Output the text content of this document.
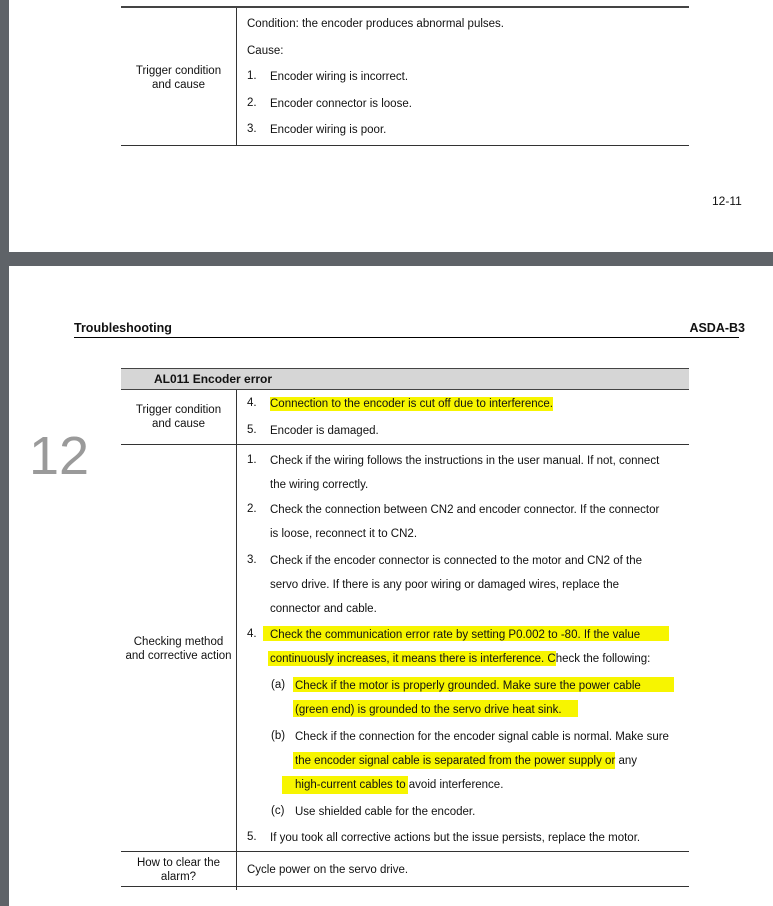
Trigger condition
and cause
Condition: the encoder produces abnormal pulses.
Cause:
1. Encoder wiring is incorrect.
2. Encoder connector is loose.
3. Encoder wiring is poor.
12-11
Troubleshooting	ASDA-B3
12
AL011 Encoder error
Trigger condition
and cause
4. Connection to the encoder is cut off due to interference.
5. Encoder is damaged.
Checking method
and corrective action
1. Check if the wiring follows the instructions in the user manual. If not, connect
the wiring correctly.
2. Check the connection between CN2 and encoder connector. If the connector
is loose, reconnect it to CN2.
3. Check if the encoder connector is connected to the motor and CN2 of the
servo drive. If there is any poor wiring or damaged wires, replace the
connector and cable.
4. Check the communication error rate by setting P0.002 to -80. If the value
continuously increases, it means there is interference. Check the following:
(a) Check if the motor is properly grounded. Make sure the power cable
(green end) is grounded to the servo drive heat sink.
(b) Check if the connection for the encoder signal cable is normal. Make sure
the encoder signal cable is separated from the power supply or any
high-current cables to avoid interference.
(c) Use shielded cable for the encoder.
5. If you took all corrective actions but the issue persists, replace the motor.
How to clear the
alarm?
Cycle power on the servo drive.
